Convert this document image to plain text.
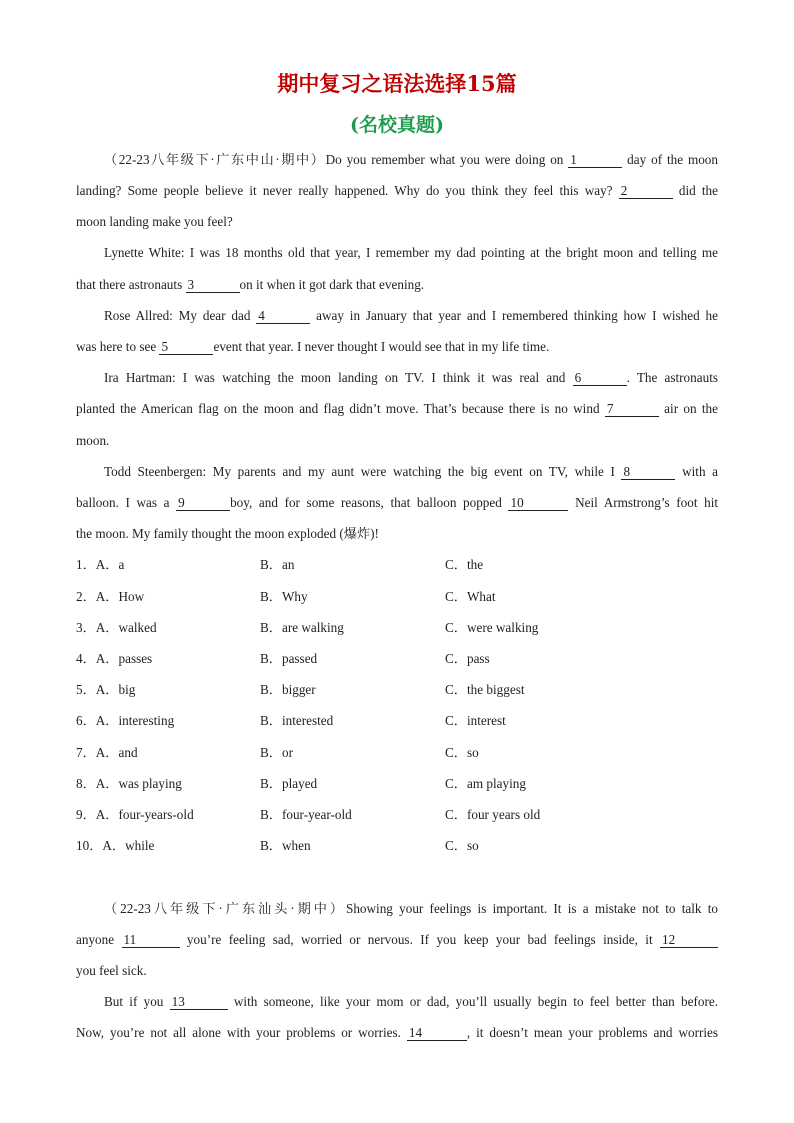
期中复习之语法选择15篇
(名校真题)
（22-23八年级下·广东中山·期中）Do you remember what you were doing on 1	day of the moon
landing? Some people believe it never really happened. Why do you think they feel this way? 2	did the
moon landing make you feel?
Lynette White: I was 18 months old that year, I remember my dad pointing at the bright moon and telling me
that there astronauts 3	on it when it got dark that evening.
Rose Allred: My dear dad 4	away in January that year and I remembered thinking how I wished he
was here to see 5	event that year. I never thought I would see that in my life time.
Ira Hartman: I was watching the moon landing on TV. I think it was real and 6	. The astronauts
planted the American flag on the moon and flag didn’t move. That’s because there is no wind 7	air on the
moon.
Todd Steenbergen: My parents and my aunt were watching the big event on TV, while I 8	with a
balloon. I was a 9	boy, and for some reasons, that balloon popped 10	Neil Armstrong’s foot hit
the moon. My family thought the moon exploded (爆炸)!
1．A．a	B．an	C．the
2．A．How	B．Why	C．What
3．A．walked	B．are walking	C．were walking
4．A．passes	B．passed	C．pass
5．A．big	B．bigger	C．the biggest
6．A．interesting	B．interested	C．interest
7．A．and	B．or	C．so
8．A．was playing	B．played	C．am playing
9．A．four-years-old	B．four-year-old	C．four years old
10．A．while	B．when	C．so
（22-23八年级下·广东汕头·期中）Showing your feelings is important. It is a mistake not to talk to
anyone 11	you’re feeling sad, worried or nervous. If you keep your bad feelings inside, it 12
you feel sick.
But if you 13	with someone, like your mom or dad, you’ll usually begin to feel better than before.
Now, you’re not all alone with your problems or worries. 14	, it doesn’t mean your problems and worries
